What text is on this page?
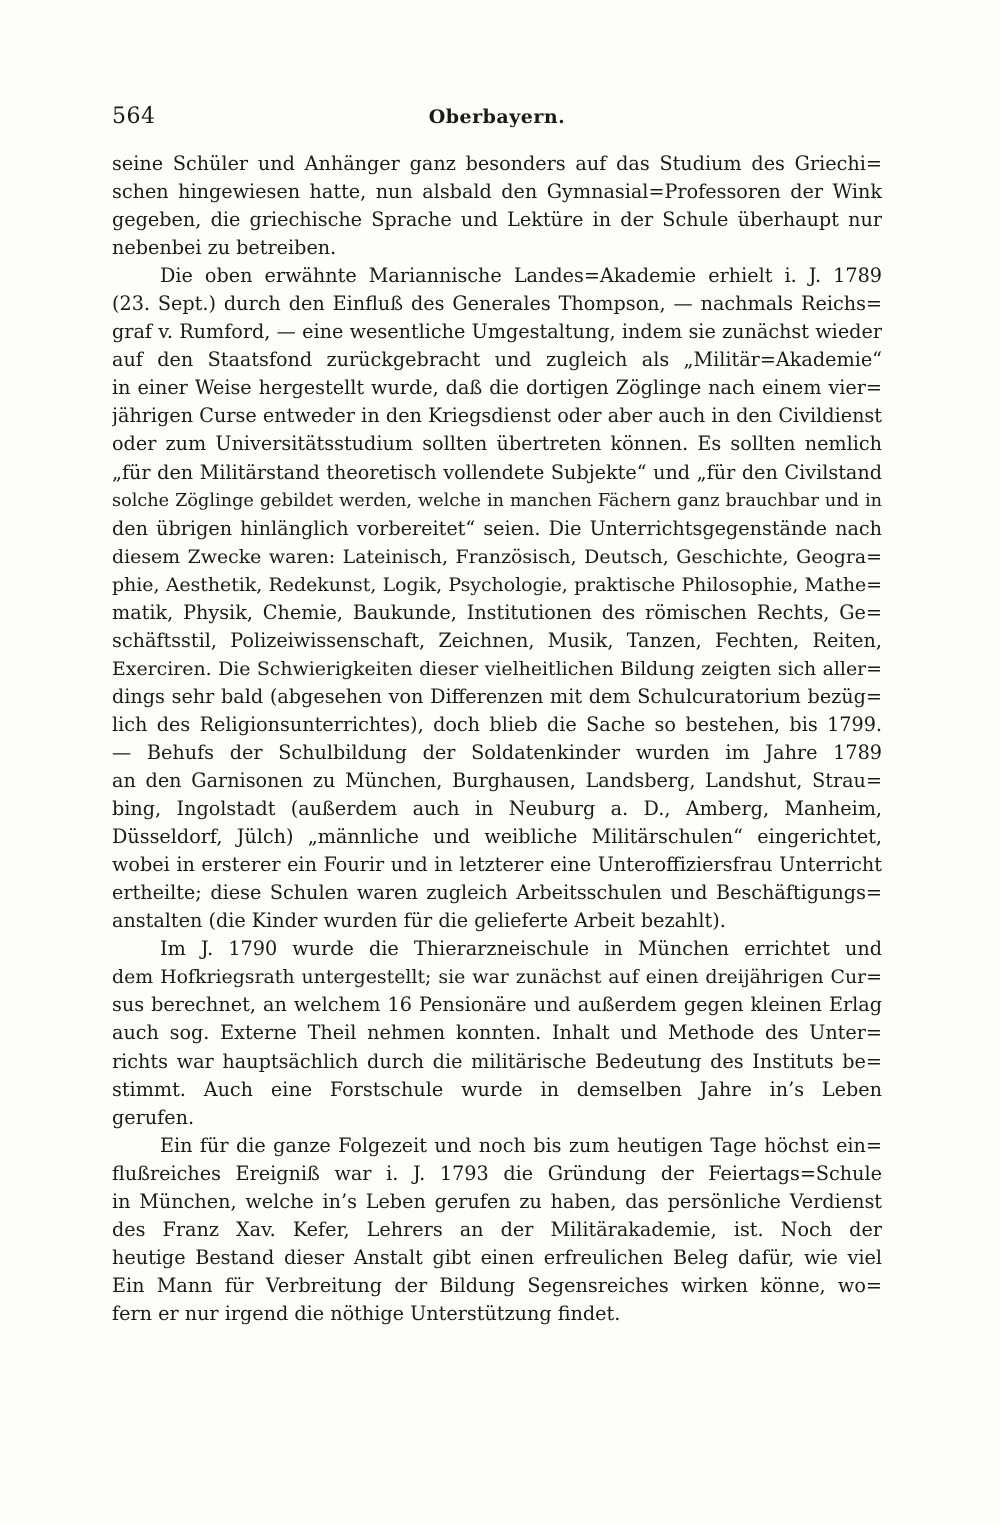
564	Oberbayern.
seine Schüler und Anhänger ganz besonders auf das Studium des Griechi=
schen hingewiesen hatte, nun alsbald den Gymnasial=Professoren der Wink
gegeben, die griechische Sprache und Lektüre in der Schule überhaupt nur
nebenbei zu betreiben.
Die oben erwähnte Mariannische Landes=Akademie erhielt i. J. 1789
(23. Sept.) durch den Einfluß des Generales Thompson, — nachmals Reichs=
graf v. Rumford, — eine wesentliche Umgestaltung, indem sie zunächst wieder
auf den Staatsfond zurückgebracht und zugleich als „Militär=Akademie“
in einer Weise hergestellt wurde, daß die dortigen Zöglinge nach einem vier=
jährigen Curse entweder in den Kriegsdienst oder aber auch in den Civildienst
oder zum Universitätsstudium sollten übertreten können. Es sollten nemlich
„für den Militärstand theoretisch vollendete Subjekte“ und „für den Civilstand
solche Zöglinge gebildet werden, welche in manchen Fächern ganz brauchbar und in
den übrigen hinlänglich vorbereitet“ seien. Die Unterrichtsgegenstände nach
diesem Zwecke waren: Lateinisch, Französisch, Deutsch, Geschichte, Geogra=
phie, Aesthetik, Redekunst, Logik, Psychologie, praktische Philosophie, Mathe=
matik, Physik, Chemie, Baukunde, Institutionen des römischen Rechts, Ge=
schäftsstil, Polizeiwissenschaft, Zeichnen, Musik, Tanzen, Fechten, Reiten,
Exerciren. Die Schwierigkeiten dieser vielheitlichen Bildung zeigten sich aller=
dings sehr bald (abgesehen von Differenzen mit dem Schulcuratorium bezüg=
lich des Religionsunterrichtes), doch blieb die Sache so bestehen, bis 1799.
— Behufs der Schulbildung der Soldatenkinder wurden im Jahre 1789
an den Garnisonen zu München, Burghausen, Landsberg, Landshut, Strau=
bing, Ingolstadt (außerdem auch in Neuburg a. D., Amberg, Manheim,
Düsseldorf, Jülch) „männliche und weibliche Militärschulen“ eingerichtet,
wobei in ersterer ein Fourir und in letzterer eine Unteroffiziersfrau Unterricht
ertheilte; diese Schulen waren zugleich Arbeitsschulen und Beschäftigungs=
anstalten (die Kinder wurden für die gelieferte Arbeit bezahlt).
Im J. 1790 wurde die Thierarzneischule in München errichtet und
dem Hofkriegsrath untergestellt; sie war zunächst auf einen dreijährigen Cur=
sus berechnet, an welchem 16 Pensionäre und außerdem gegen kleinen Erlag
auch sog. Externe Theil nehmen konnten. Inhalt und Methode des Unter=
richts war hauptsächlich durch die militärische Bedeutung des Instituts be=
stimmt. Auch eine Forstschule wurde in demselben Jahre in’s Leben
gerufen.
Ein für die ganze Folgezeit und noch bis zum heutigen Tage höchst ein=
flußreiches Ereigniß war i. J. 1793 die Gründung der Feiertags=Schule
in München, welche in’s Leben gerufen zu haben, das persönliche Verdienst
des Franz Xav. Kefer, Lehrers an der Militärakademie, ist. Noch der
heutige Bestand dieser Anstalt gibt einen erfreulichen Beleg dafür, wie viel
Ein Mann für Verbreitung der Bildung Segensreiches wirken könne, wo=
fern er nur irgend die nöthige Unterstützung findet.
